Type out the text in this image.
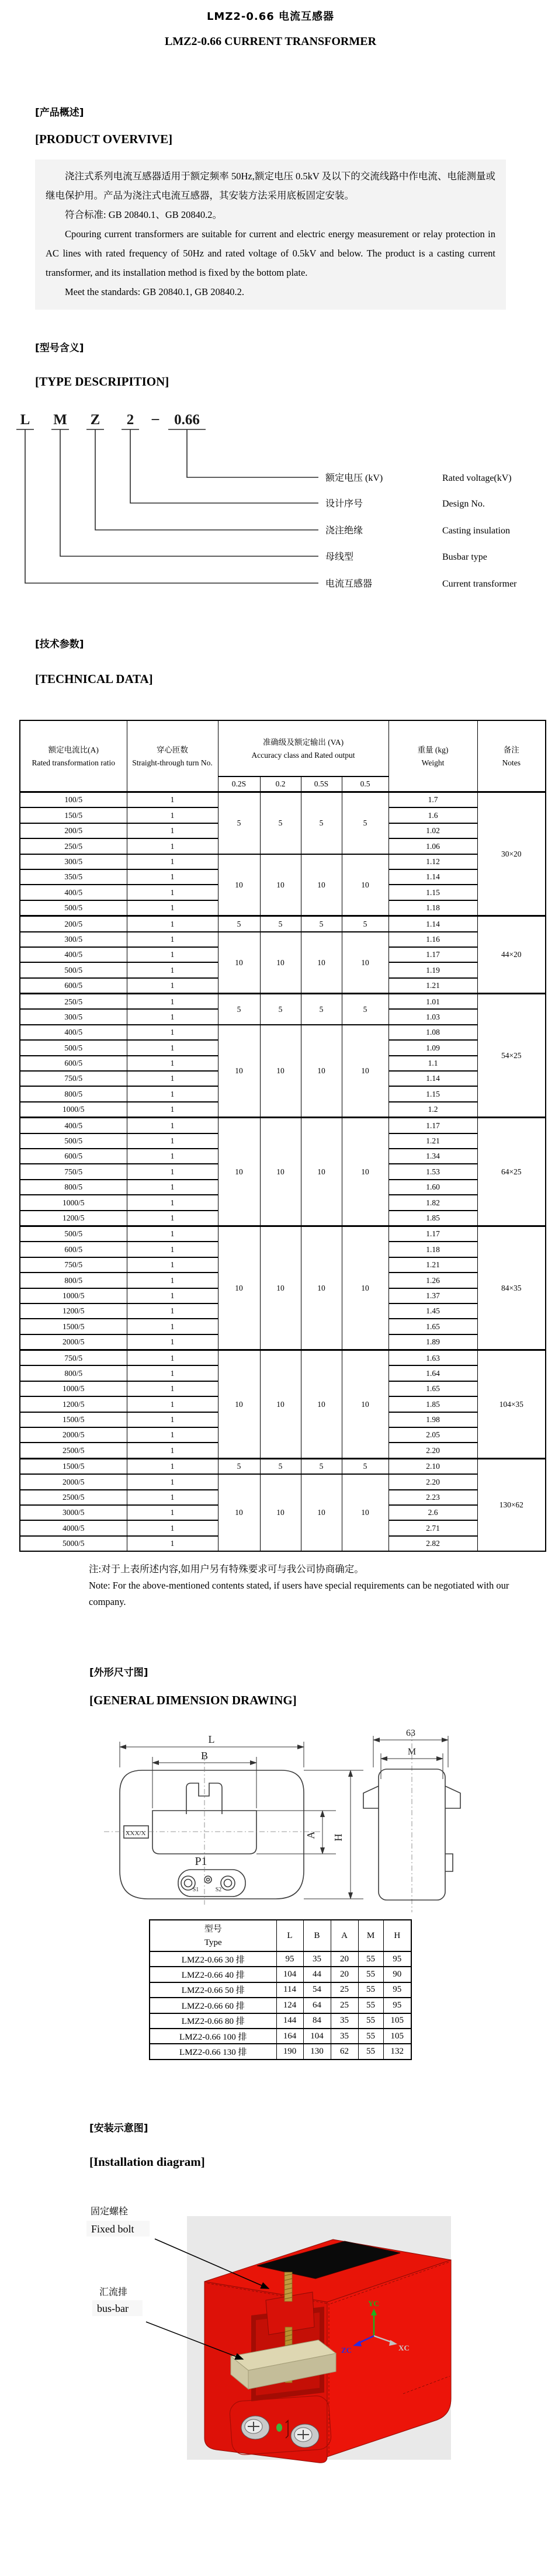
LMZ2-0.66 电流互感器
LMZ2-0.66 CURRENT TRANSFORMER
[产品概述]
[PRODUCT OVERVIVE]

浇注式系列电流互感器适用于额定频率 50Hz,额定电压 0.5kV 及以下的交流线路中作电流、电能测量或继电保护用。产品为浇注式电流互感器，其安装方法采用底板固定安装。

符合标准: GB 20840.1、GB 20840.2。

Cpouring current transformers are suitable for current and electric energy measurement or relay protection in AC lines with rated frequency of 50Hz and rated voltage of 0.5kV and below. The product is a casting current transformer, and its installation method is fixed by the bottom plate.

Meet the standards: GB 20840.1, GB 20840.2.

[型号含义]
[TYPE DESCRIPITION]
L M Z 2 – 0.66
额定电压 (kV)
设计序号
浇注绝缘
母线型
电流互感器
Rated voltage(kV)
Design No.
Casting insulation
Busbar type
Current transformer
[技术参数]
[TECHNICAL DATA]
额定电流比(A)
Rated transformation ratio

穿心匝数
Straight-through turn No.

准确级及额定输出 (VA)
Accuracy class and Rated output

重量 (kg)
Weight

备注
Notes

		0.2S	0.2	0.5S	0.5		
100/5	1	5	5	5	5	1.7	30×20
150/5	1					1.6	
200/5	1					1.02	
250/5	1					1.06	
300/5	1	10	10	10	10	1.12	
350/5	1					1.14	
400/5	1					1.15	
500/5	1					1.18	
200/5	1	5	5	5	5	1.14	44×20
300/5	1	10	10	10	10	1.16	
400/5	1					1.17	
500/5	1					1.19	
600/5	1					1.21	
250/5	1	5	5	5	5	1.01	54×25
300/5	1					1.03	
400/5	1	10	10	10	10	1.08	
500/5	1					1.09	
600/5	1					1.1	
750/5	1					1.14	
800/5	1					1.15	
1000/5	1					1.2	
400/5	1	10	10	10	10	1.17	64×25
500/5	1					1.21	
600/5	1					1.34	
750/5	1					1.53	
800/5	1					1.60	
1000/5	1					1.82	
1200/5	1					1.85	
500/5	1	10	10	10	10	1.17	84×35
600/5	1					1.18	
750/5	1					1.21	
800/5	1					1.26	
1000/5	1					1.37	
1200/5	1					1.45	
1500/5	1					1.65	
2000/5	1					1.89	
750/5	1	10	10	10	10	1.63	104×35
800/5	1					1.64	
1000/5	1					1.65	
1200/5	1					1.85	
1500/5	1					1.98	
2000/5	1					2.05	
2500/5	1					2.20	
1500/5	1	5	5	5	5	2.10	130×62
2000/5	1	10	10	10	10	2.20	
2500/5	1					2.23	
3000/5	1					2.6	
4000/5	1					2.71	
5000/5	1					2.82	

注:对于上表所述内容,如用户另有特殊要求可与我公司协商确定。

Note: For the above-mentioned contents stated, if users have special requirements can be negotiated with our company.

[外形尺寸图]
[GENERAL DIMENSION DRAWING]
L
B
A H
P1
S1	S2
XXX/X
63
M
型号
Type	L	B	A	M	H
LMZ2-0.66 30 排	95	35	20	55	95
LMZ2-0.66 40 排	104	44	20	55	90
LMZ2-0.66 50 排	114	54	25	55	95
LMZ2-0.66 60 排	124	64	25	55	95
LMZ2-0.66 80 排	144	84	35	55	105
LMZ2-0.66 100 排	164	104	35	55	105
LMZ2-0.66 130 排	190	130	62	55	132
[安装示意图]
[Installation diagram]
YC
XC
ZC
固定螺栓
Fixed bolt
汇流排
bus-bar
